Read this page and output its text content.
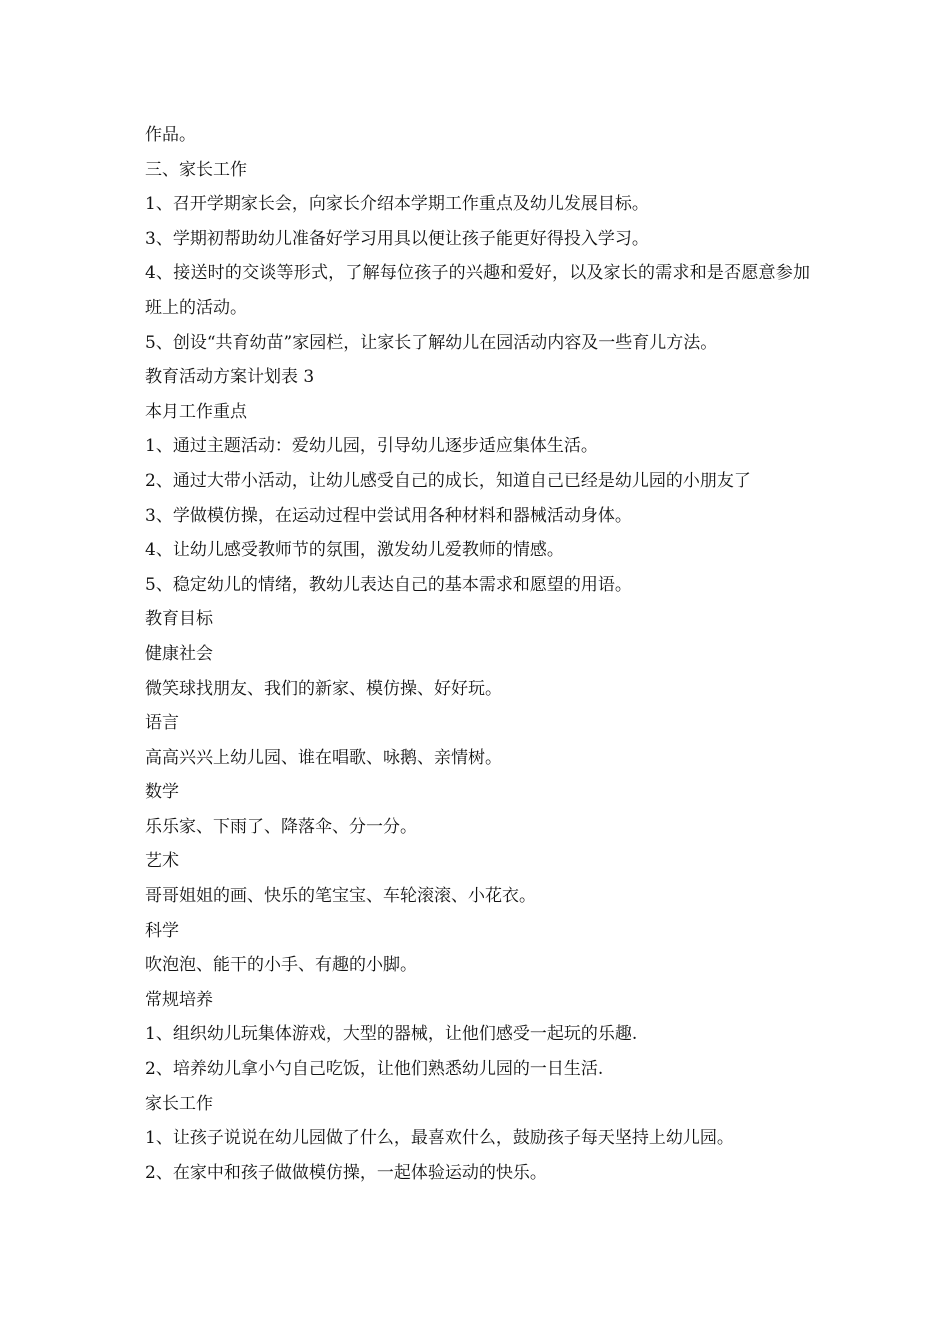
作品。
三、家长工作
1、召开学期家长会，向家长介绍本学期工作重点及幼儿发展目标。
3、学期初帮助幼儿准备好学习用具以便让孩子能更好得投入学习。
4、接送时的交谈等形式，了解每位孩子的兴趣和爱好，以及家长的需求和是否愿意参加班上的活动。
5、创设“共育幼苗”家园栏，让家长了解幼儿在园活动内容及一些育儿方法。
教育活动方案计划表 3
本月工作重点
1、通过主题活动：爱幼儿园，引导幼儿逐步适应集体生活。
2、通过大带小活动，让幼儿感受自己的成长，知道自己已经是幼儿园的小朋友了
3、学做模仿操，在运动过程中尝试用各种材料和器械活动身体。
4、让幼儿感受教师节的氛围，激发幼儿爱教师的情感。
5、稳定幼儿的情绪，教幼儿表达自己的基本需求和愿望的用语。
教育目标
健康社会
微笑球找朋友、我们的新家、模仿操、好好玩。
语言
高高兴兴上幼儿园、谁在唱歌、咏鹅、亲情树。
数学
乐乐家、下雨了、降落伞、分一分。
艺术
哥哥姐姐的画、快乐的笔宝宝、车轮滚滚、小花衣。
科学
吹泡泡、能干的小手、有趣的小脚。
常规培养
1、组织幼儿玩集体游戏，大型的器械，让他们感受一起玩的乐趣.
2、培养幼儿拿小勺自己吃饭，让他们熟悉幼儿园的一日生活.
家长工作
1、让孩子说说在幼儿园做了什么，最喜欢什么，鼓励孩子每天坚持上幼儿园。
2、在家中和孩子做做模仿操，一起体验运动的快乐。
